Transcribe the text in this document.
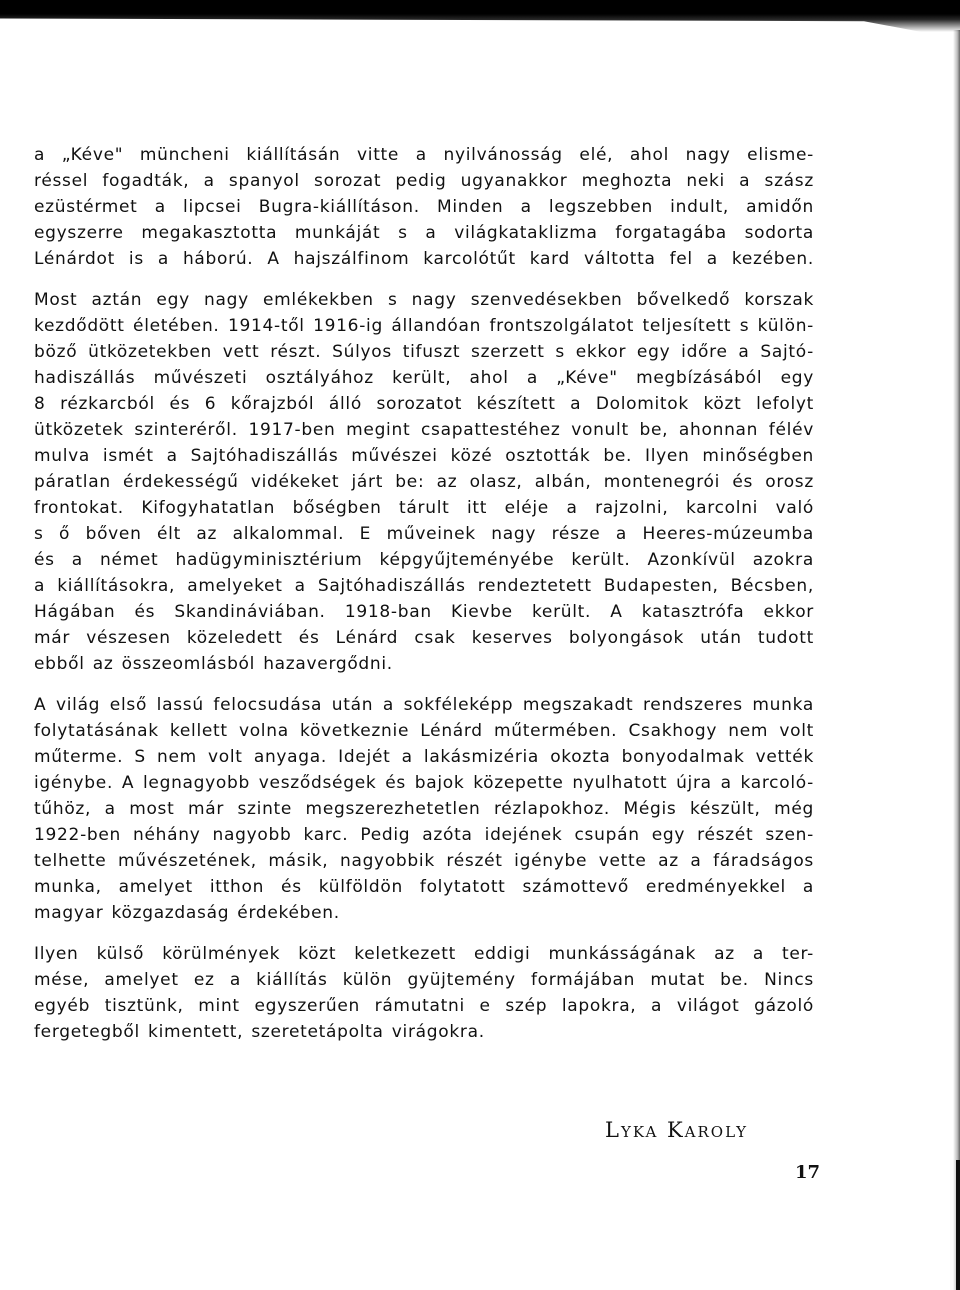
a „Kéve" müncheni kiállításán vitte a nyilvánosság elé, ahol nagy elisme-
réssel fogadták, a spanyol sorozat pedig ugyanakkor meghozta neki a szász
ezüstérmet a lipcsei Bugra-kiállításon. Minden a legszebben indult, amidőn
egyszerre megakasztotta munkáját s a világkataklizma forgatagába sodorta
Lénárdot is a háború. A hajszálfinom karcolótűt kard váltotta fel a kezében.

Most aztán egy nagy emlékekben s nagy szenvedésekben bővelkedő korszak
kezdődött életében. 1914-től 1916-ig állandóan frontszolgálatot teljesített s külön-
böző ütközetekben vett részt. Súlyos tifuszt szerzett s ekkor egy időre a Sajtó-
hadiszállás művészeti osztályához került, ahol a „Kéve" megbízásából egy
8 rézkarcból és 6 kőrajzból álló sorozatot készített a Dolomitok közt lefolyt
ütközetek szinteréről. 1917-ben megint csapattestéhez vonult be, ahonnan félév
mulva ismét a Sajtóhadiszállás művészei közé osztották be. Ilyen minőségben
páratlan érdekességű vidékeket járt be: az olasz, albán, montenegrói és orosz
frontokat. Kifogyhatatlan bőségben tárult itt eléje a rajzolni, karcolni való
s ő bőven élt az alkalommal. E műveinek nagy része a Heeres-múzeumba
és a német hadügyminisztérium képgyűjteményébe került. Azonkívül azokra
a kiállításokra, amelyeket a Sajtóhadiszállás rendeztetett Budapesten, Bécsben,
Hágában és Skandináviában. 1918-ban Kievbe került. A katasztrófa ekkor
már vészesen közeledett és Lénárd csak keserves bolyongások után tudott
ebből az összeomlásból hazavergődni.

A világ első lassú felocsudása után a sokféleképp megszakadt rendszeres munka
folytatásának kellett volna következnie Lénárd műtermében. Csakhogy nem volt
műterme. S nem volt anyaga. Idejét a lakásmizéria okozta bonyodalmak vették
igénybe. A legnagyobb vesződségek és bajok közepette nyulhatott újra a karcoló-
tűhöz, a most már szinte megszerezhetetlen rézlapokhoz. Mégis készült, még
1922-ben néhány nagyobb karc. Pedig azóta idejének csupán egy részét szen-
telhette művészetének, másik, nagyobbik részét igénybe vette az a fáradságos
munka, amelyet itthon és külföldön folytatott számottevő eredményekkel a
magyar közgazdaság érdekében.

Ilyen külső körülmények közt keletkezett eddigi munkásságának az a ter-
mése, amelyet ez a kiállítás külön gyüjtemény formájában mutat be. Nincs
egyéb tisztünk, mint egyszerűen rámutatni e szép lapokra, a világot gázoló
fergetegből kimentett, szeretetápolta virágokra.

Lyka Karoly
17
